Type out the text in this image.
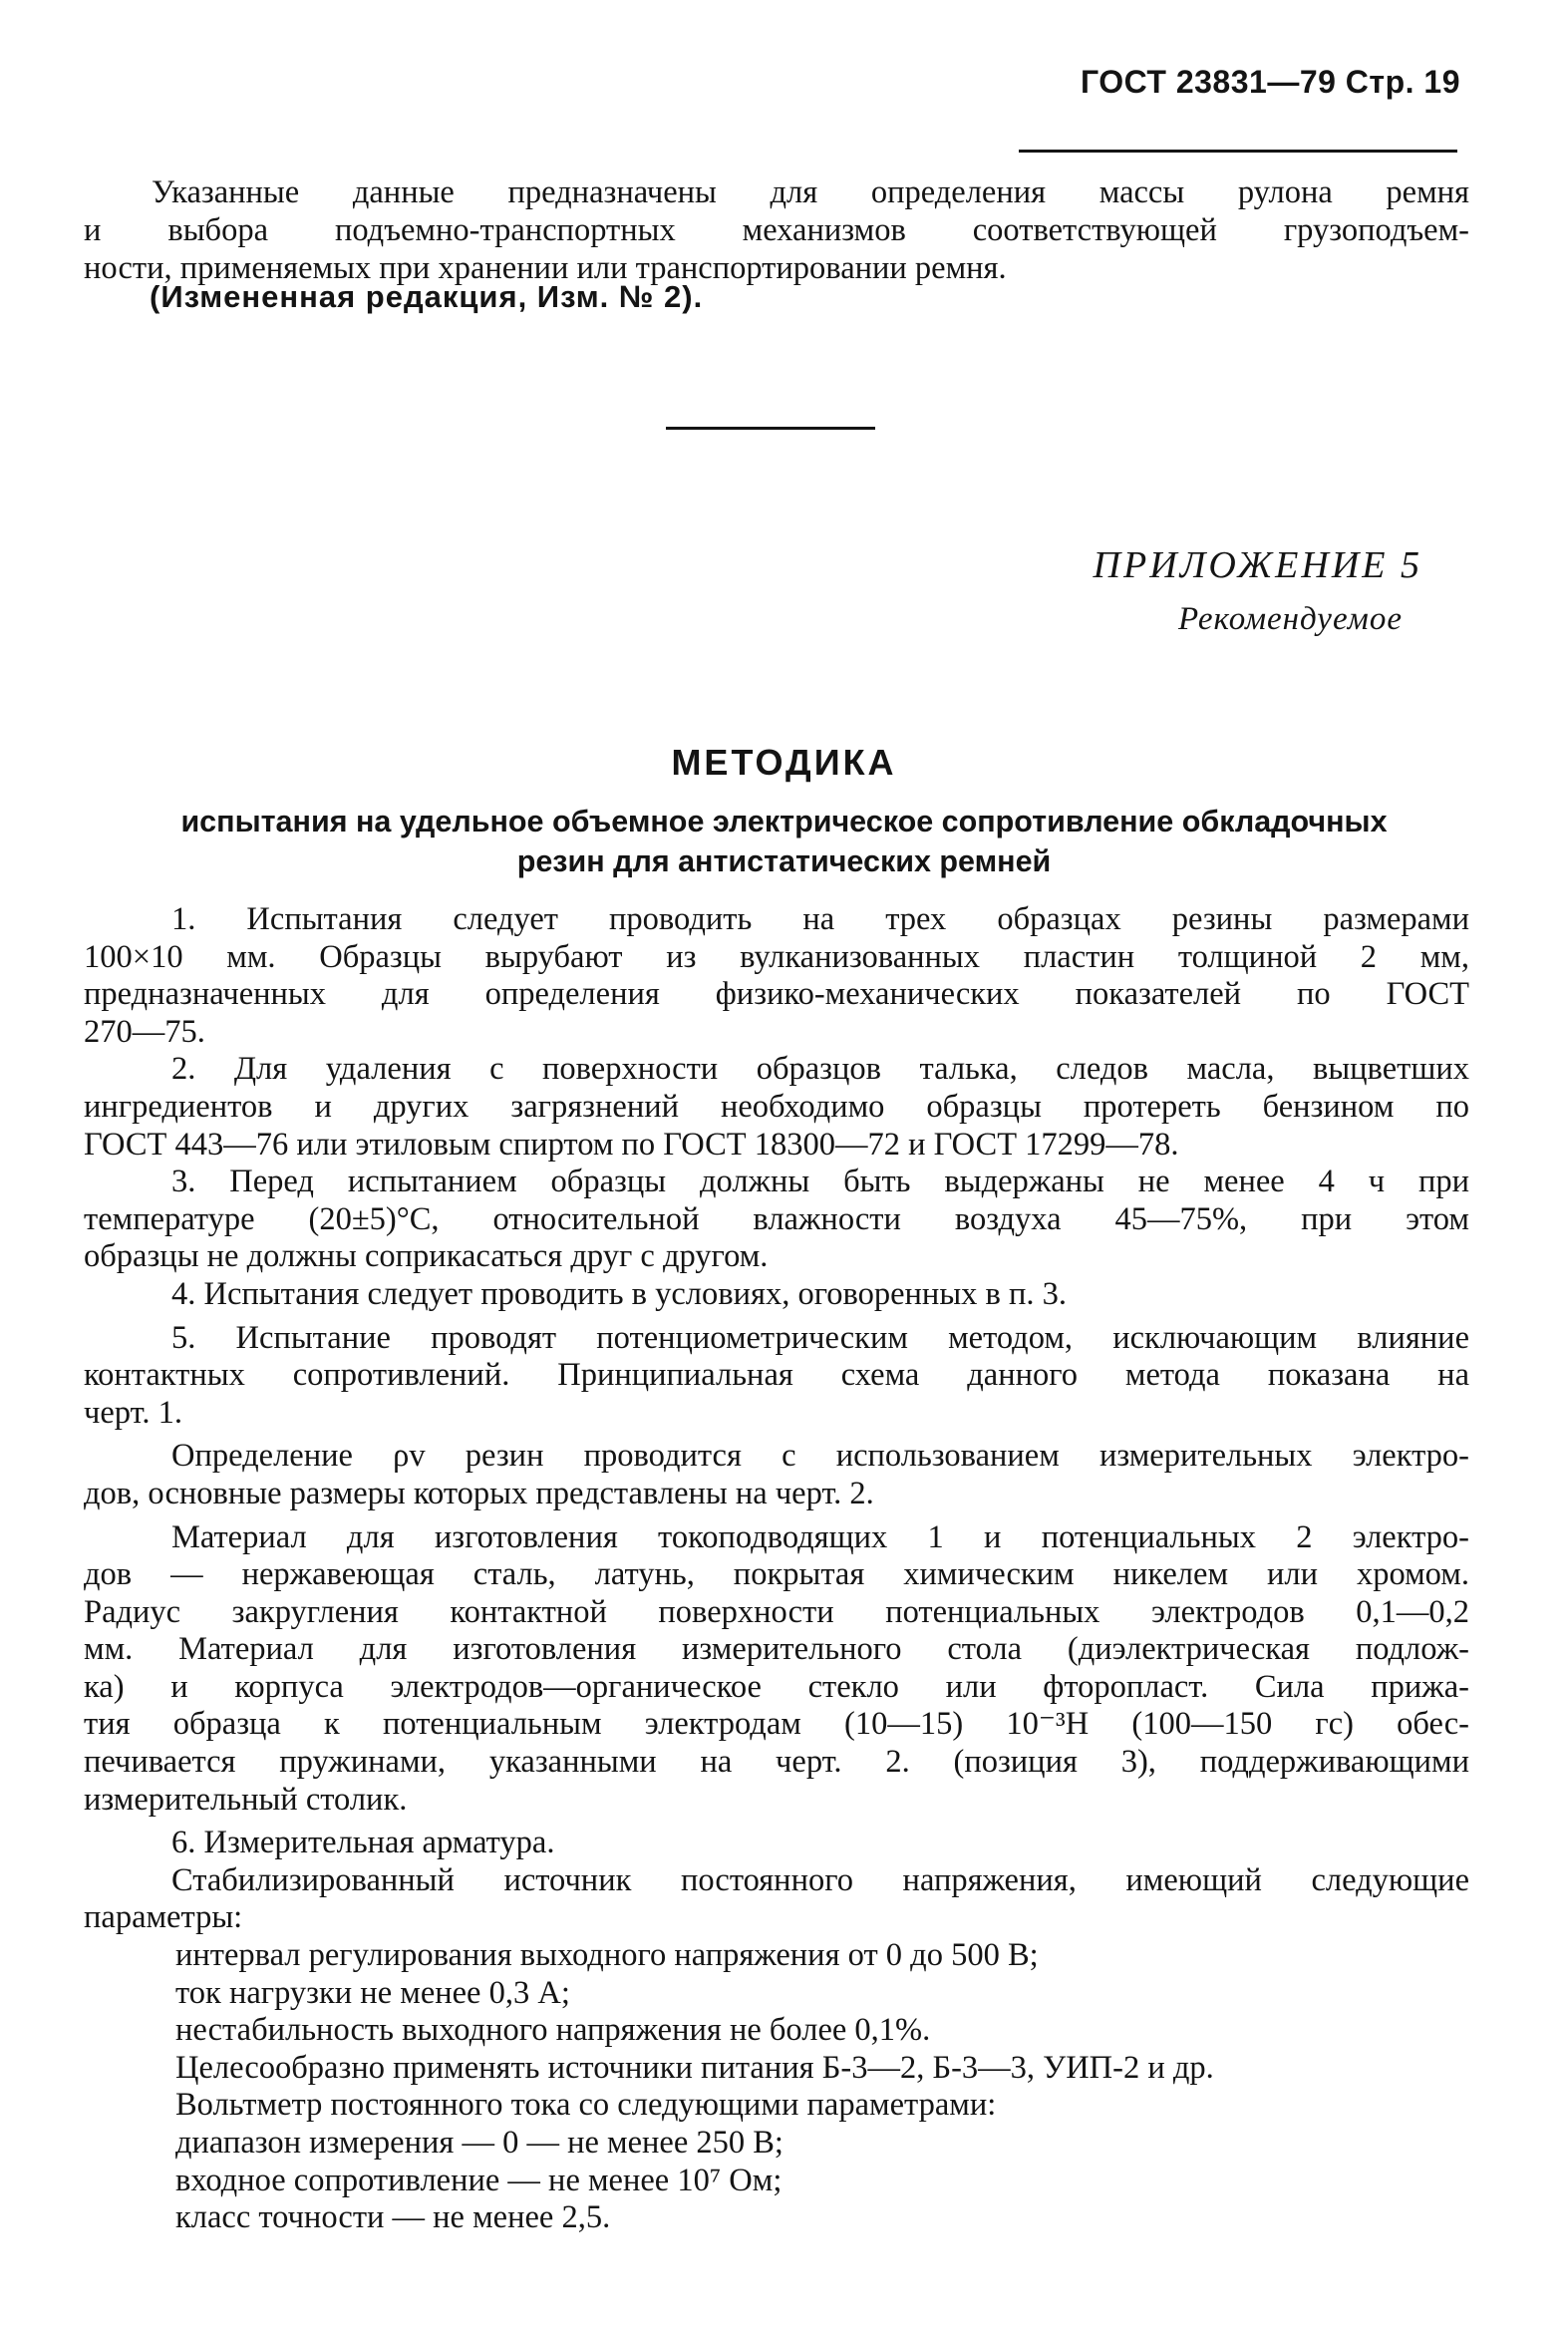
ГОСТ 23831—79 Стр. 19
Указанные данные предназначены для определения массы рулона ремня
и выбора подъемно-транспортных механизмов соответствующей грузоподъем-
ности, применяемых при хранении или транспортировании ремня.
(Измененная редакция, Изм. № 2).
ПРИЛОЖЕНИЕ 5
Рекомендуемое
МЕТОДИКА
испытания на удельное объемное электрическое сопротивление обкладочных
резин для антистатических ремней
1. Испытания следует проводить на трех образцах резины размерами
100×10 мм. Образцы вырубают из вулканизованных пластин толщиной 2 мм,
предназначенных для определения физико-механических показателей по ГОСТ
270—75.
2. Для удаления с поверхности образцов талька, следов масла, выцветших
ингредиентов и других загрязнений необходимо образцы протереть бензином по
ГОСТ 443—76 или этиловым спиртом по ГОСТ 18300—72 и ГОСТ 17299—78.
3. Перед испытанием образцы должны быть выдержаны не менее 4 ч при
температуре (20±5)°С, относительной влажности воздуха 45—75%, при этом
образцы не должны соприкасаться друг с другом.
4. Испытания следует проводить в условиях, оговоренных в п. 3.
5. Испытание проводят потенциометрическим методом, исключающим влияние
контактных сопротивлений. Принципиальная схема данного метода показана на
черт. 1.
Определение ρv резин проводится с использованием измерительных электро-
дов, основные размеры которых представлены на черт. 2.
Материал для изготовления токоподводящих 1 и потенциальных 2 электро-
дов — нержавеющая сталь, латунь, покрытая химическим никелем или хромом.
Радиус закругления контактной поверхности потенциальных электродов 0,1—0,2
мм. Материал для изготовления измерительного стола (диэлектрическая подлож-
ка) и корпуса электродов—органическое стекло или фторопласт. Сила прижа-
тия образца к потенциальным электродам (10—15) 10⁻³Н (100—150 гс) обес-
печивается пружинами, указанными на черт. 2. (позиция 3), поддерживающими
измерительный столик.
6. Измерительная арматура.
Стабилизированный источник постоянного напряжения, имеющий следующие
параметры:
интервал регулирования выходного напряжения от 0 до 500 В;
ток нагрузки не менее 0,3 А;
нестабильность выходного напряжения не более 0,1%.
Целесообразно применять источники питания Б-3—2, Б-3—3, УИП-2 и др.
Вольтметр постоянного тока со следующими параметрами:
диапазон измерения — 0 — не менее 250 В;
входное сопротивление — не менее 10⁷ Ом;
класс точности — не менее 2,5.
